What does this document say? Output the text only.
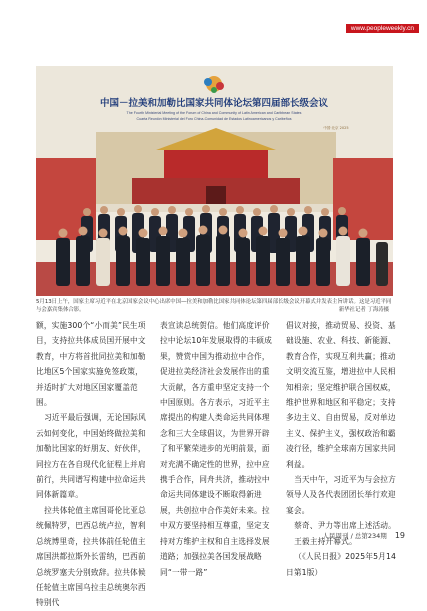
www.peopleweekly.cn
中国－拉美和加勒比国家共同体论坛第四届部长级会议
The Fourth Ministerial Meeting of the Forum of China and Community of Latin American and Caribbean States
Cuarta Reunión Ministerial del Foro China-Comunidad de Estados Latinoamericanos y Caribeños
中国·北京 2025
5月13日上午，国家主席习近平在北京国家会议中心出席中国—拉美和加勒比国家共同体论坛第四届部长级会议开幕式并发表主旨讲话。这是习近平同与会嘉宾集体合影。	新华社记者 丁海涛摄

额，实施300个“小而美”民生项目，支持拉共体成员国开展中文教育，中方将首批同拉美和加勒比地区5个国家实施免签政策，并适时扩大对地区国家覆盖范围。

习近平最后强调，无论国际风云如何变化，中国始终做拉美和加勒比国家的好朋友、好伙伴，同拉方在各自现代化征程上并肩前行，共同谱写构建中拉命运共同体新篇章。

拉共体轮值主席国哥伦比亚总统佩特罗，巴西总统卢拉，智利总统博里奇，拉共体前任轮值主席国洪都拉斯外长雷纳，巴西前总统罗塞夫分别致辞。拉共体候任轮值主席国乌拉圭总统奥尔西特别代

表宣读总统贺信。他们高度评价拉中论坛10年发展取得的丰硕成果，赞赏中国为推动拉中合作，促进拉美经济社会发展作出的重大贡献，各方重申坚定支持一个中国原则。各方表示，习近平主席提出的构建人类命运共同体理念和三大全球倡议，为世界开辟了和平繁荣进步的光明前景，面对充满不确定性的世界，拉中应携手合作，同舟共济，推动拉中命运共同体建设不断取得新进展，共创拉中合作美好未来。拉中双方要坚持相互尊重，坚定支持对方维护主权和自主选择发展道路；加强拉美各国发展战略同“一带一路”

倡议对接，推动贸易、投资、基础设施、农业、科技、新能源、教育合作，实现互利共赢；推动文明交流互鉴，增进拉中人民相知相亲；坚定维护联合国权威，维护世界和地区和平稳定；支持多边主义、自由贸易，反对单边主义、保护主义，强权政治和霸凌行径，维护全球南方国家共同利益。

当天中午，习近平为与会拉方领导人及各代表团团长举行欢迎宴会。

蔡奇、尹力等出席上述活动。

王毅主持开幕式。

（《人民日报》2025年5月14日第1版）

人民周刊 / 总第234期 19
